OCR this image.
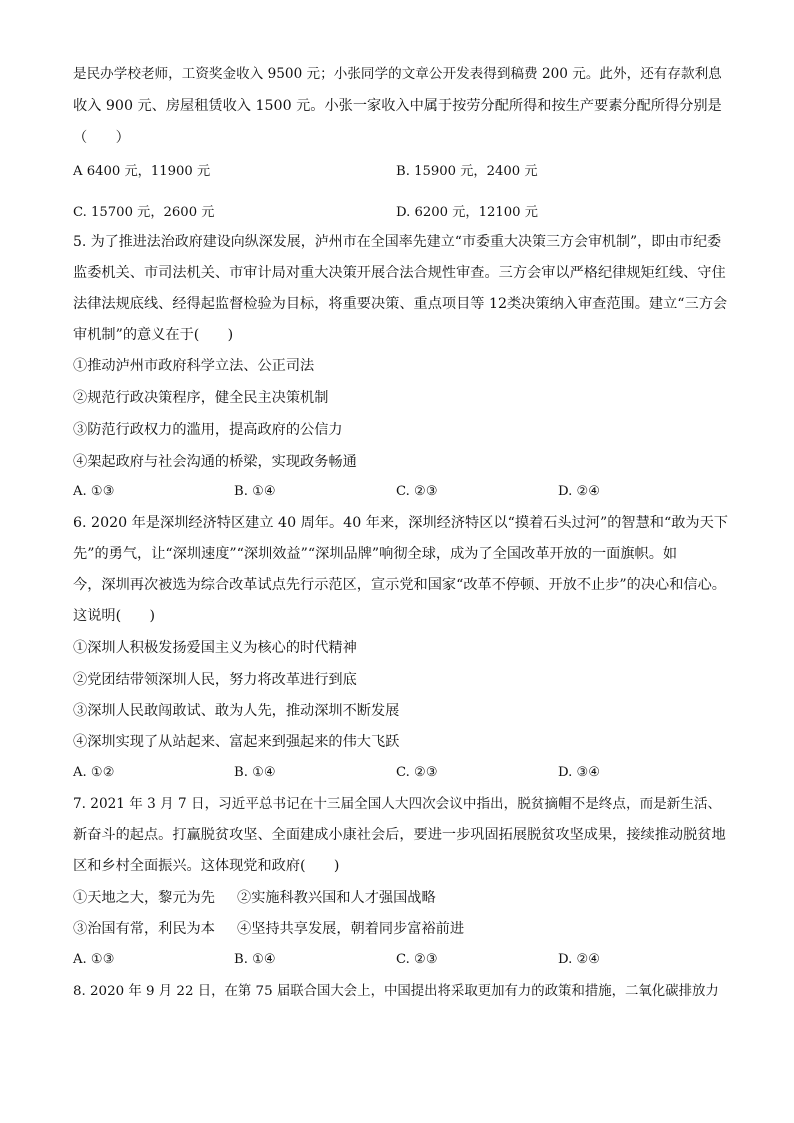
是民办学校老师，工资奖金收入 9500 元；小张同学的文章公开发表得到稿费 200 元。此外，还有存款利息
收入 900 元、房屋租赁收入 1500 元。小张一家收入中属于按劳分配所得和按生产要素分配所得分别是
（　　）
A 6400 元，11900 元	B. 15900 元，2400 元
C. 15700 元，2600 元	D. 6200 元，12100 元
5. 为了推进法治政府建设向纵深发展，泸州市在全国率先建立“市委重大决策三方会审机制”，即由市纪委
监委机关、市司法机关、市审计局对重大决策开展合法合规性审查。三方会审以严格纪律规矩红线、守住
法律法规底线、经得起监督检验为目标，将重要决策、重点项目等 12类决策纳入审查范围。建立“三方会
审机制”的意义在于(　　)
①推动泸州市政府科学立法、公正司法
②规范行政决策程序，健全民主决策机制
③防范行政权力的滥用，提高政府的公信力
④架起政府与社会沟通的桥梁，实现政务畅通
A. ①③	B. ①④	C. ②③	D. ②④
6. 2020 年是深圳经济特区建立 40 周年。40 年来，深圳经济特区以“摸着石头过河”的智慧和“敢为天下
先”的勇气，让“深圳速度”“深圳效益”“深圳品牌”响彻全球，成为了全国改革开放的一面旗帜。如
今，深圳再次被选为综合改革试点先行示范区，宣示党和国家“改革不停顿、开放不止步”的决心和信心。
这说明(　　)
①深圳人积极发扬爱国主义为核心的时代精神
②党团结带领深圳人民，努力将改革进行到底
③深圳人民敢闯敢试、敢为人先，推动深圳不断发展
④深圳实现了从站起来、富起来到强起来的伟大飞跃
A. ①②	B. ①④	C. ②③	D. ③④
7. 2021 年 3 月 7 日，习近平总书记在十三届全国人大四次会议中指出，脱贫摘帽不是终点，而是新生活、
新奋斗的起点。打赢脱贫攻坚、全面建成小康社会后，要进一步巩固拓展脱贫攻坚成果，接续推动脱贫地
区和乡村全面振兴。这体现党和政府(　　)
①天地之大，黎元为先 ②实施科教兴国和人才强国战略
③治国有常，利民为本 ④坚持共享发展，朝着同步富裕前进
A. ①③	B. ①④	C. ②③	D. ②④
8. 2020 年 9 月 22 日，在第 75 届联合国大会上，中国提出将采取更加有力的政策和措施，二氧化碳排放力
